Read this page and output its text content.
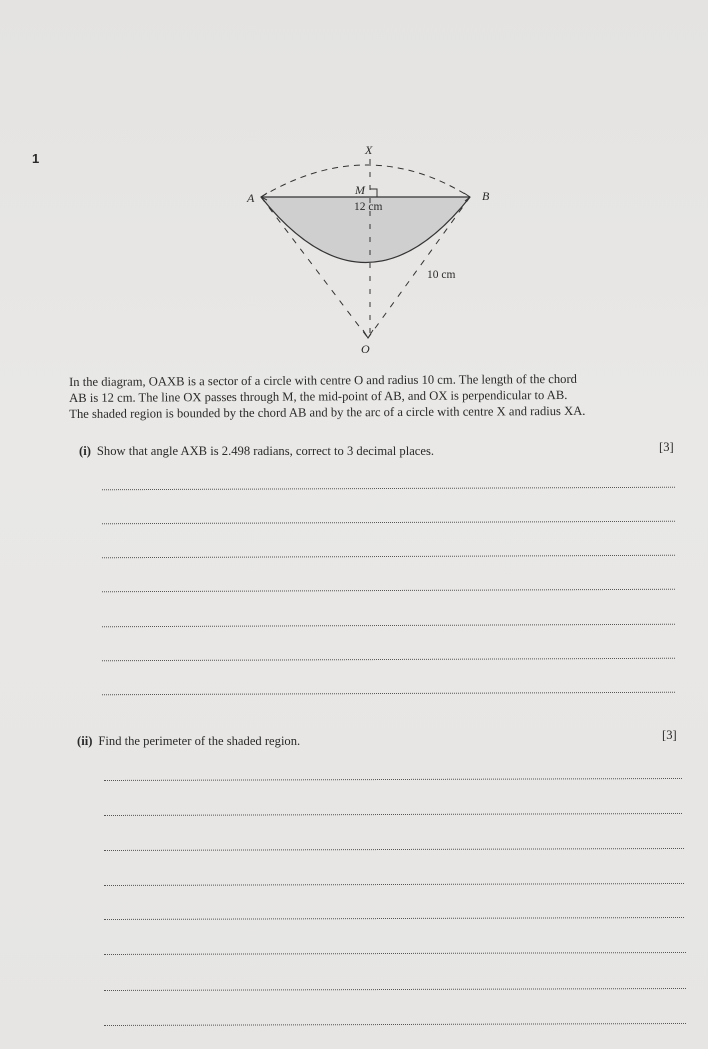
1
X
M
A	B
O
12 cm
10 cm

In the diagram, OAXB is a sector of a circle with centre O and radius 10 cm. The length of the chord

AB is 12 cm. The line OX passes through M, the mid-point of AB, and OX is perpendicular to AB.

The shaded region is bounded by the chord AB and by the arc of a circle with centre X and radius XA.

(i) Show that angle AXB is 2.498 radians, correct to 3 decimal places.	[3]
(ii) Find the perimeter of the shaded region.	[3]
